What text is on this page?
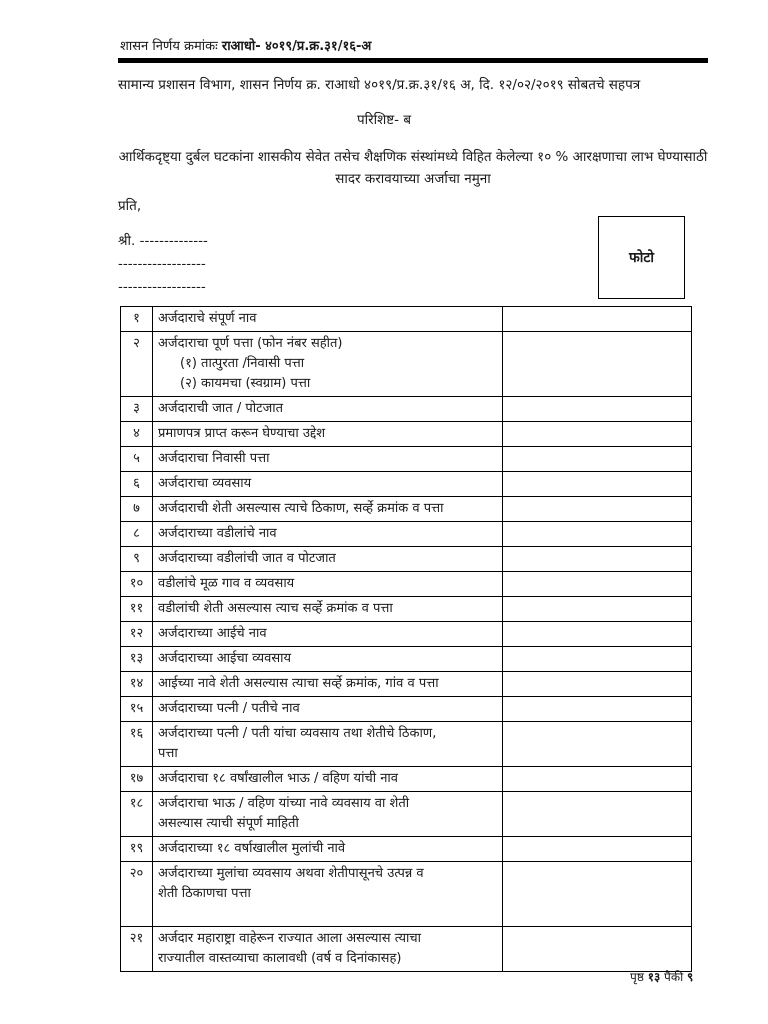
शासन निर्णय क्रमांकः राआधो- ४०१९/प्र.क्र.३१/१६-अ
सामान्य प्रशासन विभाग, शासन निर्णय क्र. राआधो ४०१९/प्र.क्र.३१/१६ अ, दि. १२/०२/२०१९ सोबतचे सहपत्र
परिशिष्ट- ब
आर्थिकदृष्ट्या दुर्बल घटकांना शासकीय सेवेत तसेच शैक्षणिक संस्थांमध्ये विहित केलेल्या १० % आरक्षणाचा लाभ घेण्यासाठी सादर करावयाच्या अर्जाचा नमुना
प्रति,
श्री. --------------
------------------
------------------
फोटो
१	अर्जदाराचे संपूर्ण नाव	

२	अर्जदाराचा पूर्ण पत्ता (फोन नंबर सहीत)
(१) तात्पुरता /निवासी पत्ता
(२) कायमचा (स्वग्राम) पत्ता	

३	अर्जदाराची जात / पोटजात	

४	प्रमाणपत्र प्राप्त करून घेण्याचा उद्देश	

५	अर्जदाराचा निवासी पत्ता	

६	अर्जदाराचा व्यवसाय	

७	अर्जदाराची शेती असल्यास त्याचे ठिकाण, सर्व्हे क्रमांक व पत्ता	

८	अर्जदाराच्या वडीलांचे नाव	

९	अर्जदाराच्या वडीलांची जात व पोटजात	

१०	वडीलांचे मूळ गाव व व्यवसाय	

११	वडीलांची शेती असल्यास त्याच सर्व्हे क्रमांक व पत्ता	

१२	अर्जदाराच्या आईचे नाव	

१३	अर्जदाराच्या आईचा व्यवसाय	

१४	आईच्या नावे शेती असल्यास त्याचा सर्व्हे क्रमांक, गांव व पत्ता	

१५	अर्जदाराच्या पत्नी / पतीचे नाव	

१६	अर्जदाराच्या पत्नी / पती यांचा व्यवसाय तथा शेतीचे ठिकाण,
पत्ता	

१७	अर्जदाराचा १८ वर्षांखालील भाऊ / वहिण यांची नाव	

१८	अर्जदाराचा भाऊ / वहिण यांच्या नावे व्यवसाय वा शेती
असल्यास त्याची संपूर्ण माहिती	

१९	अर्जदाराच्या १८ वर्षाखालील मुलांची नावे	

२०	अर्जदाराच्या मुलांचा व्यवसाय अथवा शेतीपासूनचे उत्पन्न व
शेती ठिकाणचा पत्ता	

२१	अर्जदार महाराष्ट्रा वाहेरून राज्यात आला असल्यास त्याचा
राज्यातील वास्तव्याचा कालावधी (वर्ष व दिनांकासह)	

पृष्ठ १३ पैकी ९
